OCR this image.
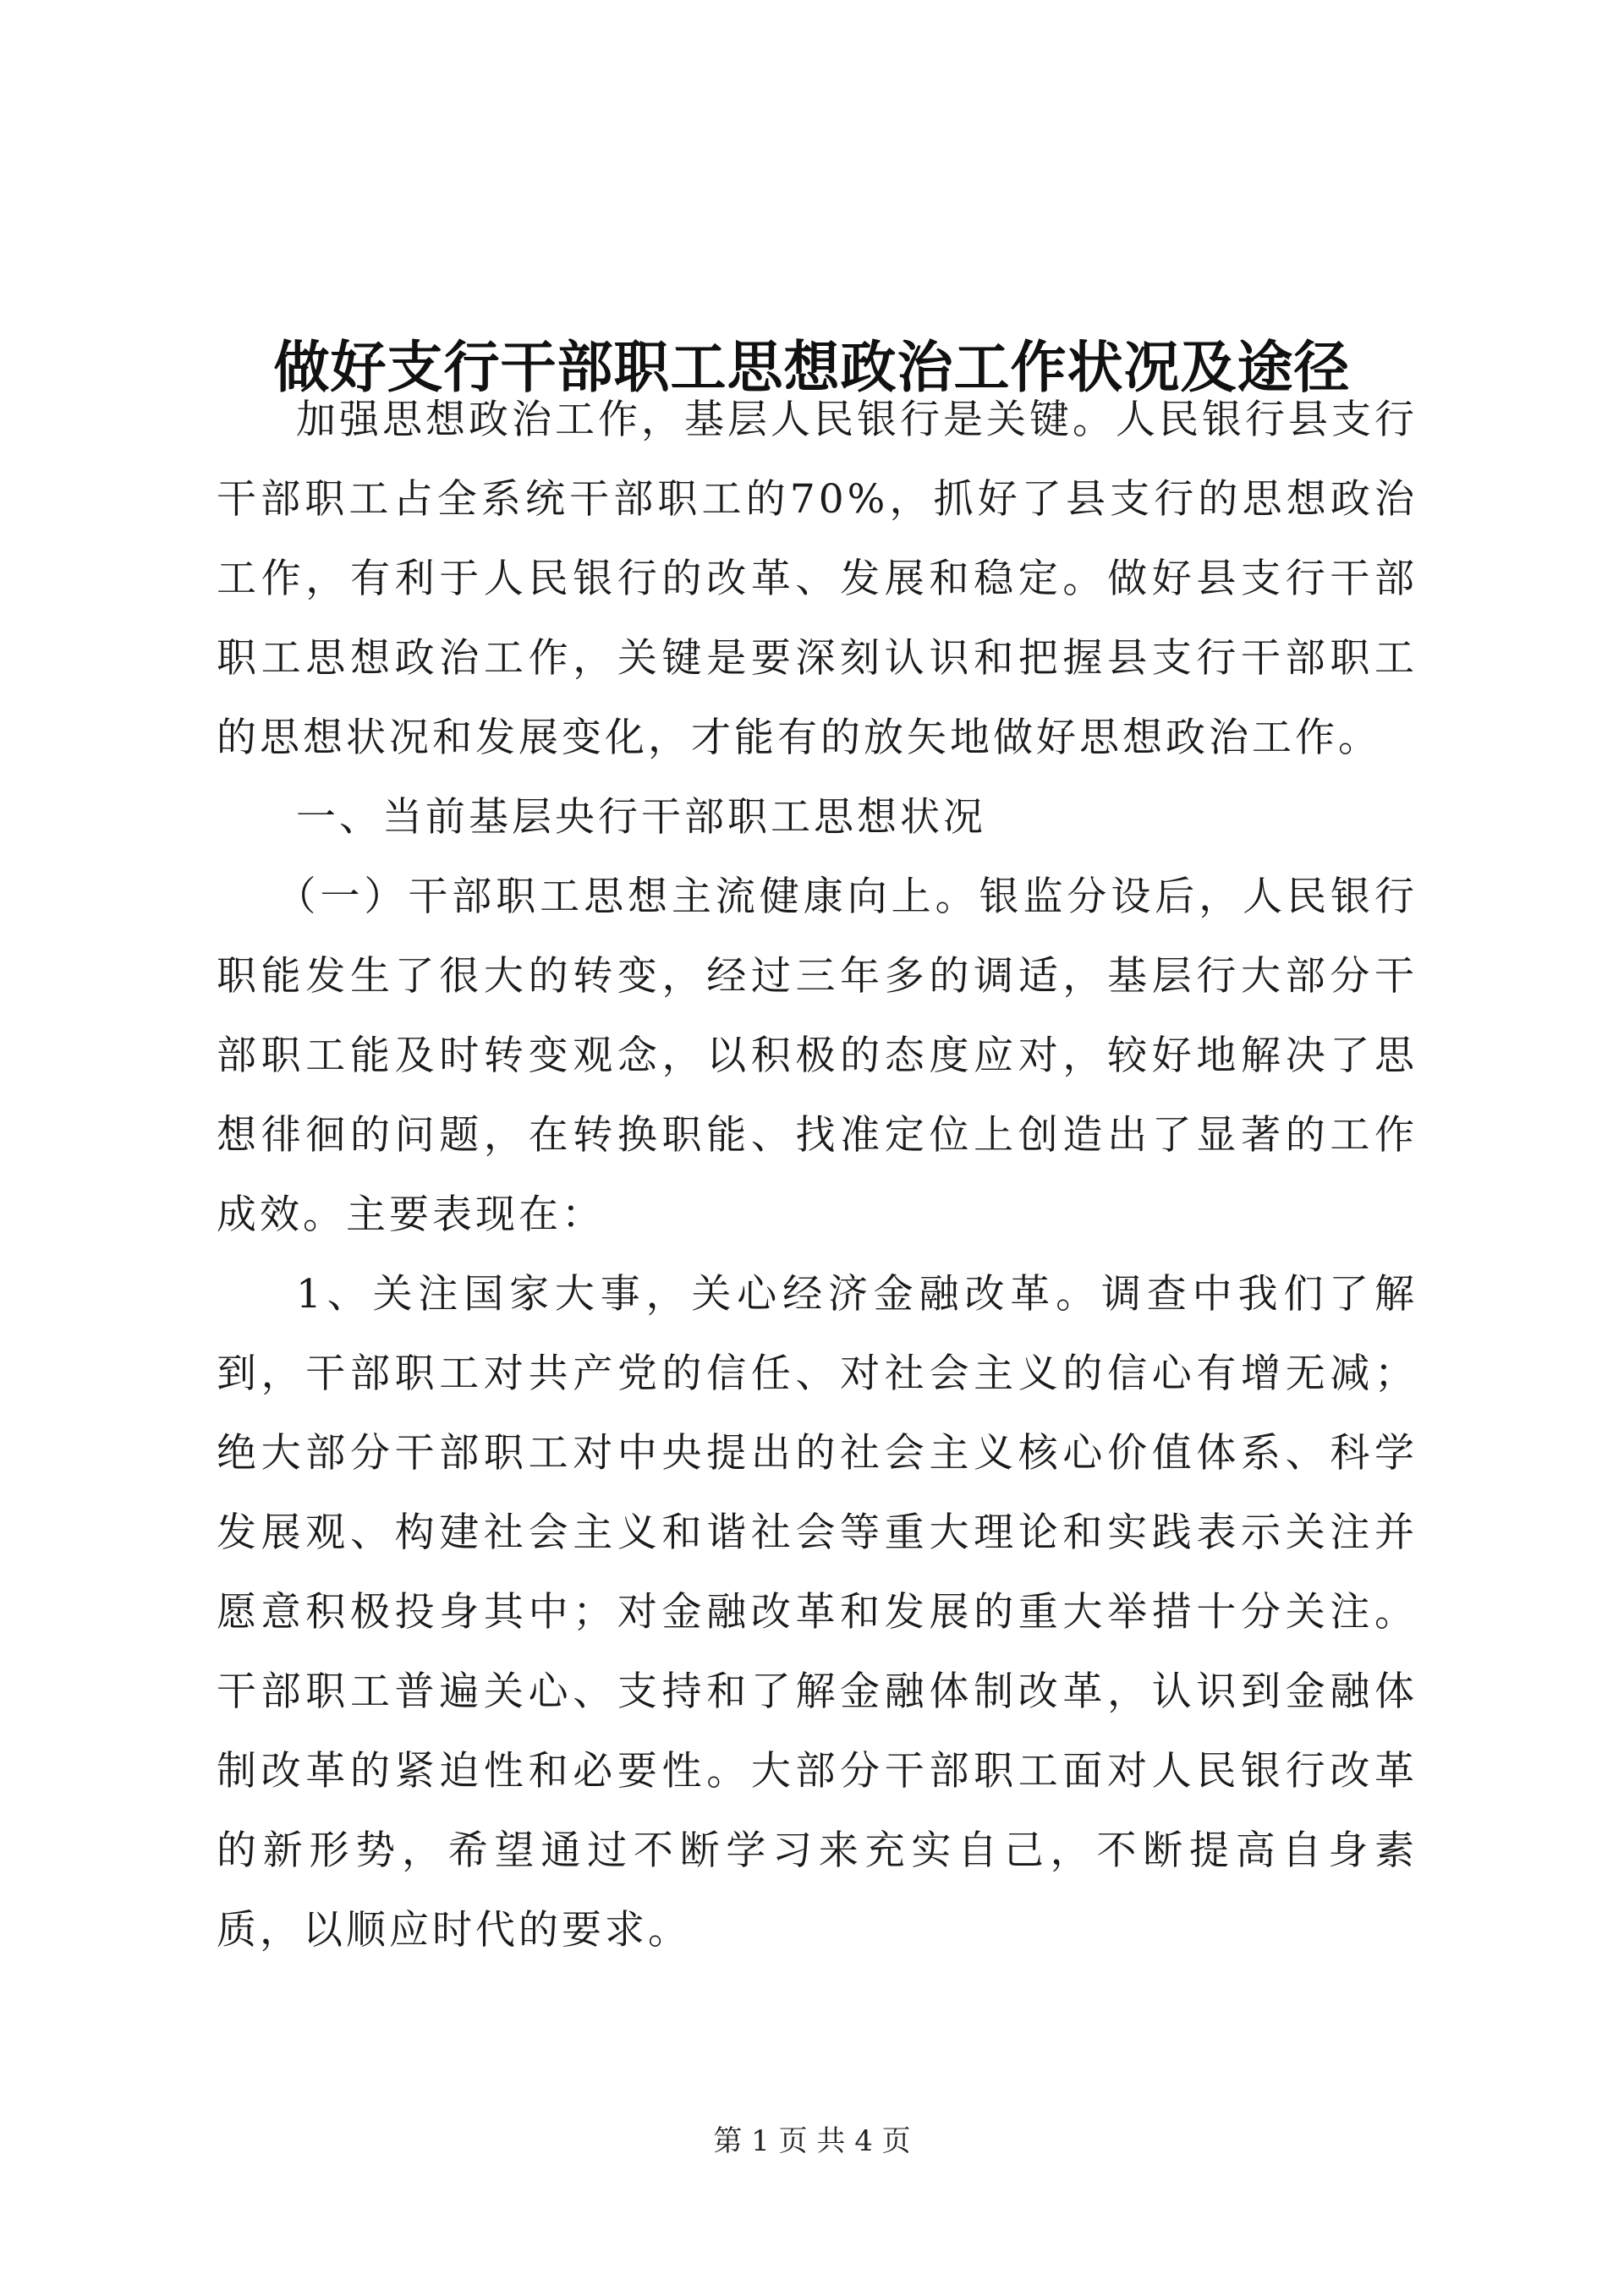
做好支行干部职工思想政治工作状况及途径

加强思想政治工作，基层人民银行是关键。人民银行县支行干部职工占全系统干部职工的70%，抓好了县支行的思想政治工作，有利于人民银行的改革、发展和稳定。做好县支行干部职工思想政治工作，关键是要深刻认识和把握县支行干部职工的思想状况和发展变化，才能有的放矢地做好思想政治工作。

一、当前基层央行干部职工思想状况

（一）干部职工思想主流健康向上。银监分设后，人民银行职能发生了很大的转变，经过三年多的调适，基层行大部分干部职工能及时转变观念，以积极的态度应对，较好地解决了思想徘徊的问题，在转换职能、找准定位上创造出了显著的工作成效。主要表现在：

1、关注国家大事，关心经济金融改革。调查中我们了解到，干部职工对共产党的信任、对社会主义的信心有增无减；绝大部分干部职工对中央提出的社会主义核心价值体系、科学发展观、构建社会主义和谐社会等重大理论和实践表示关注并愿意积极投身其中；对金融改革和发展的重大举措十分关注。干部职工普遍关心、支持和了解金融体制改革，认识到金融体制改革的紧迫性和必要性。大部分干部职工面对人民银行改革的新形势，希望通过不断学习来充实自己，不断提高自身素质，以顺应时代的要求。

第 1 页 共 4 页
